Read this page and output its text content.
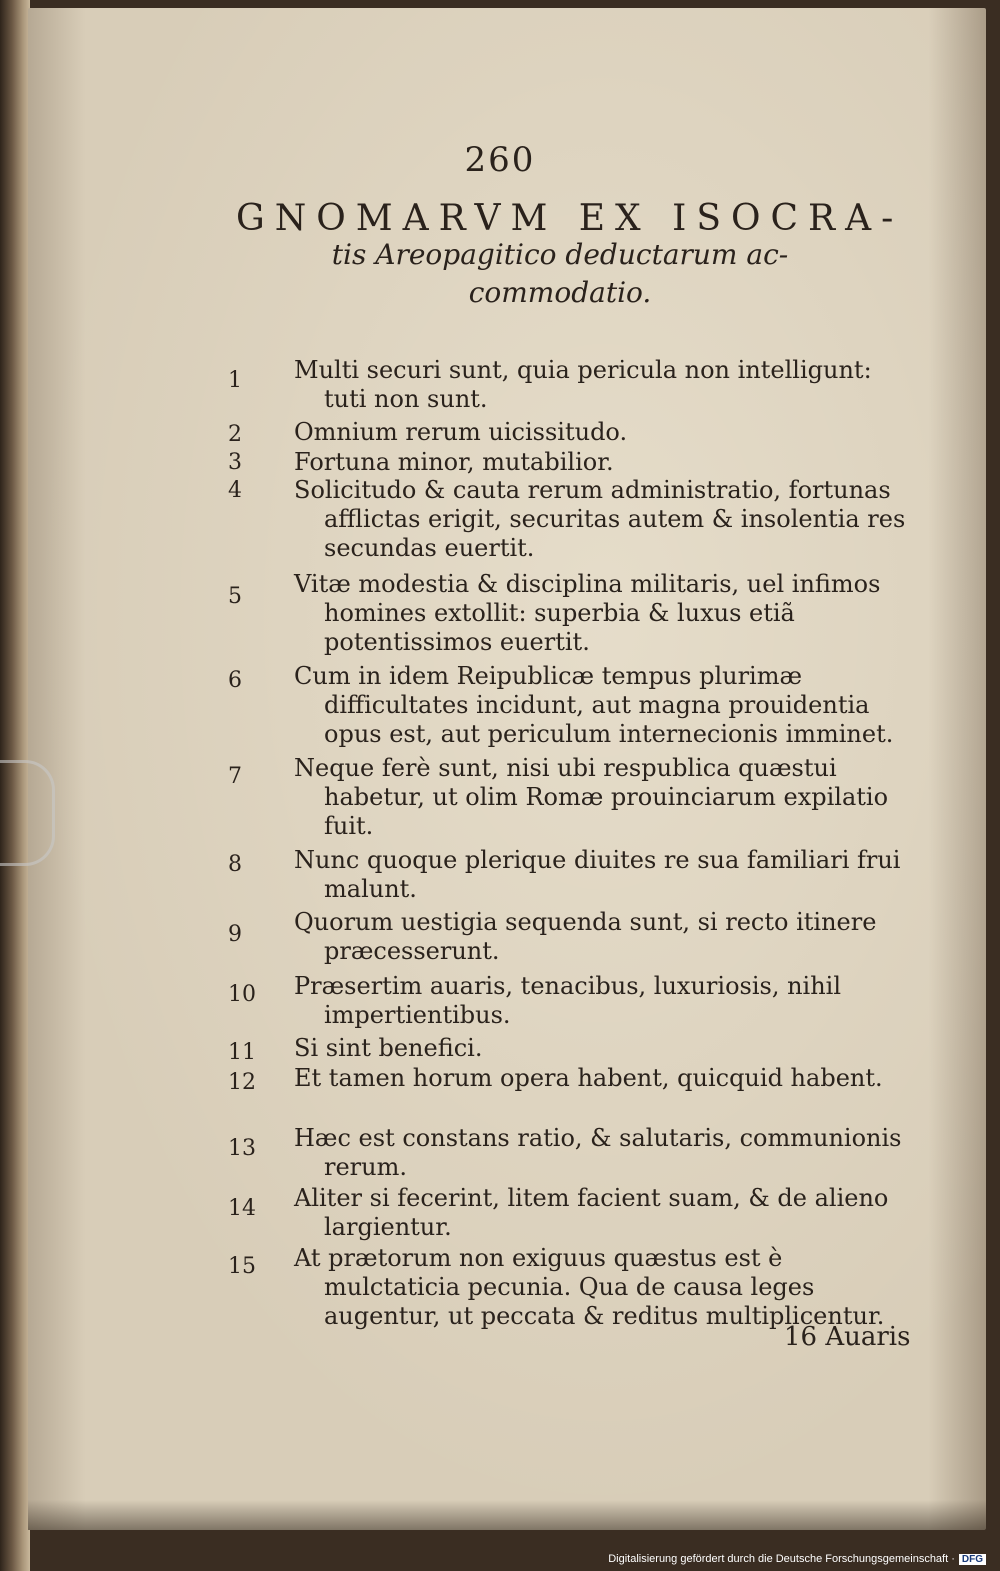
260
GNOMARVM EX ISOCRA-
tis Areopagitico deductarum ac-
commodatio.
1	Multi securi sunt, quia pericula non intelligunt: tuti non sunt.
2	Omnium rerum uicissitudo.
3	Fortuna minor, mutabilior.
4	Solicitudo & cauta rerum administratio, fortunas afflictas erigit, securitas autem & insolentia res secundas euertit.
5	Vitæ modestia & disciplina militaris, uel infimos homines extollit: superbia & luxus etiã potentissimos euertit.
6	Cum in idem Reipublicæ tempus plurimæ difficultates incidunt, aut magna prouidentia opus est, aut periculum internecionis imminet.
7	Neque ferè sunt, nisi ubi respublica quæstui habetur, ut olim Romæ prouinciarum expilatio fuit.
8	Nunc quoque plerique diuites re sua familiari frui malunt.
9	Quorum uestigia sequenda sunt, si recto itinere præcesserunt.
10	Præsertim auaris, tenacibus, luxuriosis, nihil impertientibus.
11	Si sint benefici.
12	Et tamen horum opera habent, quicquid habent.
13	Hæc est constans ratio, & salutaris, communionis rerum.
14	Aliter si fecerint, litem facient suam, & de alieno largientur.
15	At prætorum non exiguus quæstus est è mulctaticia pecunia. Qua de causa leges augentur, ut peccata & reditus multiplicentur.
16 Auaris
Digitalisierung gefördert durch die Deutsche Forschungsgemeinschaft · DFG
